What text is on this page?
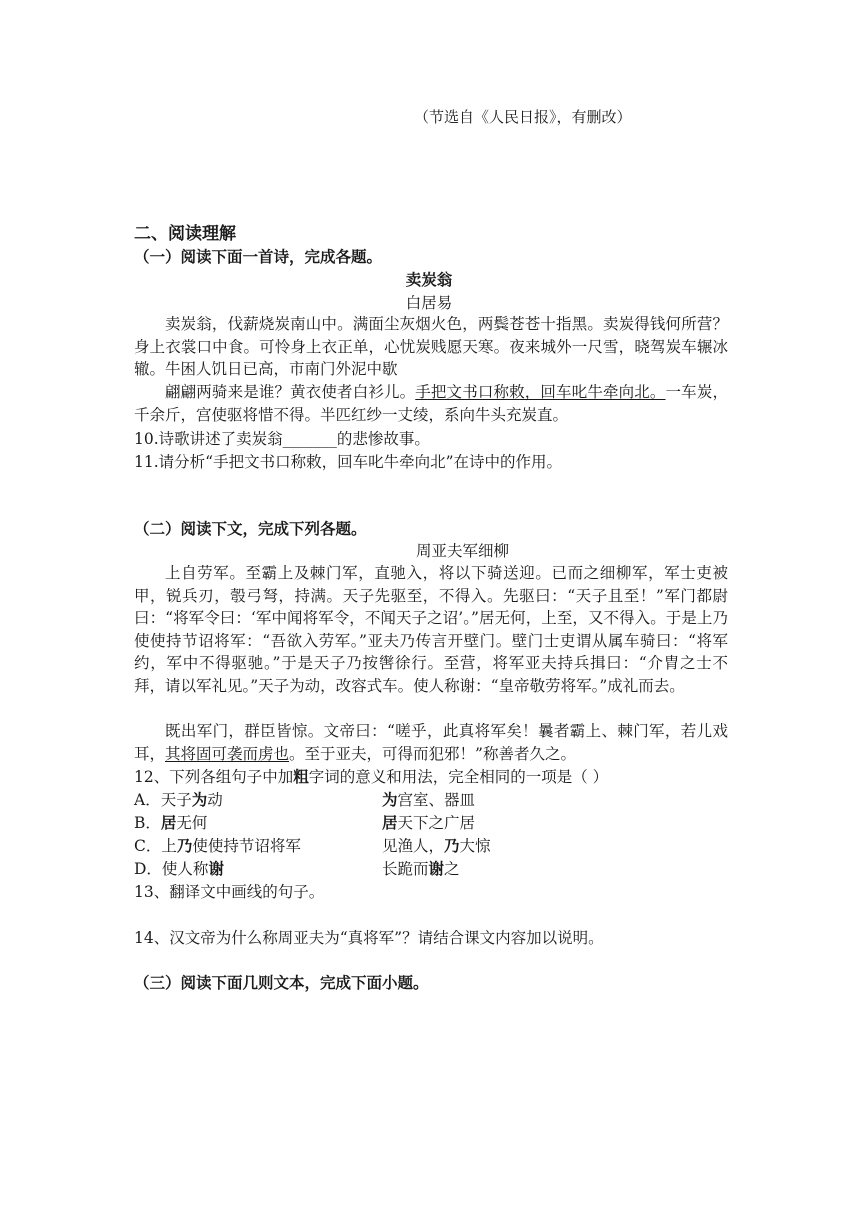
（节选自《人民日报》，有删改）
二、阅读理解
（一）阅读下面一首诗，完成各题。
卖炭翁
白居易
卖炭翁，伐薪烧炭南山中。满面尘灰烟火色，两鬓苍苍十指黑。卖炭得钱何所营？身上衣裳口中食。可怜身上衣正单，心忧炭贱愿天寒。夜来城外一尺雪，晓驾炭车辗冰辙。牛困人饥日已高，市南门外泥中歇
翩翩两骑来是谁？黄衣使者白衫儿。手把文书口称敕，回车叱牛牵向北。一车炭，千余斤，宫使驱将惜不得。半匹红纱一丈绫，系向牛头充炭直。
10.诗歌讲述了卖炭翁_______的悲惨故事。
11.请分析“手把文书口称敕，回车叱牛牵向北”在诗中的作用。
（二）阅读下文，完成下列各题。
周亚夫军细柳
上自劳军。至霸上及棘门军，直驰入，将以下骑送迎。已而之细柳军，军士吏被甲，锐兵刃，彀弓弩，持满。天子先驱至，不得入。先驱曰：“天子且至！”军门都尉曰：“将军令曰：‘军中闻将军令，不闻天子之诏’。”居无何，上至，又不得入。于是上乃使使持节诏将军：“吾欲入劳军。”亚夫乃传言开壁门。壁门士吏谓从属车骑曰：“将军约，军中不得驱驰。”于是天子乃按辔徐行。至营，将军亚夫持兵揖曰：“介胄之士不拜，请以军礼见。”天子为动，改容式车。使人称谢：“皇帝敬劳将军。”成礼而去。
既出军门，群臣皆惊。文帝曰：“嗟乎，此真将军矣！曩者霸上、棘门军，若儿戏耳，其将固可袭而虏也。至于亚夫，可得而犯邪！”称善者久之。
12、下列各组句子中加粗字词的意义和用法，完全相同的一项是（ ）
A．天子为动	为宫室、器皿
B．居无何	居天下之广居
C．上乃使使持节诏将军	见渔人，乃大惊
D．使人称谢	长跪而谢之
13、翻译文中画线的句子。
14、汉文帝为什么称周亚夫为“真将军”？请结合课文内容加以说明。
（三）阅读下面几则文本，完成下面小题。
